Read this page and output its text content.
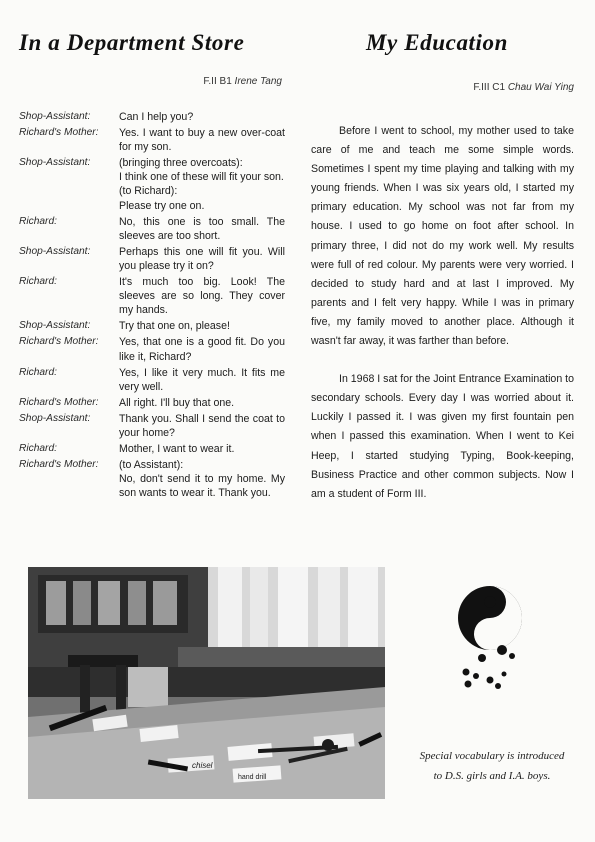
In a Department Store
F.II B1 Irene Tang
Shop-Assistant:	Can I help you?
Richard's Mother:	Yes. I want to buy a new over-coat for my son.
Shop-Assistant:	(bringing three overcoats):
I think one of these will fit your son.
(to Richard):
Please try one on.
Richard:	No, this one is too small. The sleeves are too short.
Shop-Assistant:	Perhaps this one will fit you. Will you please try it on?
Richard:	It's much too big. Look! The sleeves are so long. They cover my hands.
Shop-Assistant:	Try that one on, please!
Richard's Mother:	Yes, that one is a good fit. Do you like it, Richard?
Richard:	Yes, I like it very much. It fits me very well.
Richard's Mother:	All right. I'll buy that one.
Shop-Assistant:	Thank you. Shall I send the coat to your home?
Richard:	Mother, I want to wear it.
Richard's Mother:	(to Assistant):
No, don't send it to my home. My son wants to wear it. Thank you.
My Education
F.III C1 Chau Wai Ying

Before I went to school, my mother used to take care of me and teach me some simple words. Sometimes I spent my time playing and talking with my young friends. When I was six years old, I started my primary education. My school was not far from my house. I used to go home on foot after school. In primary three, I did not do my work well. My results were full of red colour. My parents were very worried. I decided to study hard and at last I improved. My parents and I felt very happy. While I was in primary five, my family moved to another place. Although it wasn't far away, it was farther than before.

In 1968 I sat for the Joint Entrance Examination to secondary schools. Every day I was worried about it. Luckily I passed it. I was given my first fountain pen when I passed this examination. When I went to Kei Heep, I started studying Typing, Book-keeping, Business Practice and other common subjects. Now I am a student of Form III.

chisel
hand drill
Special vocabulary is introduced
to D.S. girls and I.A. boys.
